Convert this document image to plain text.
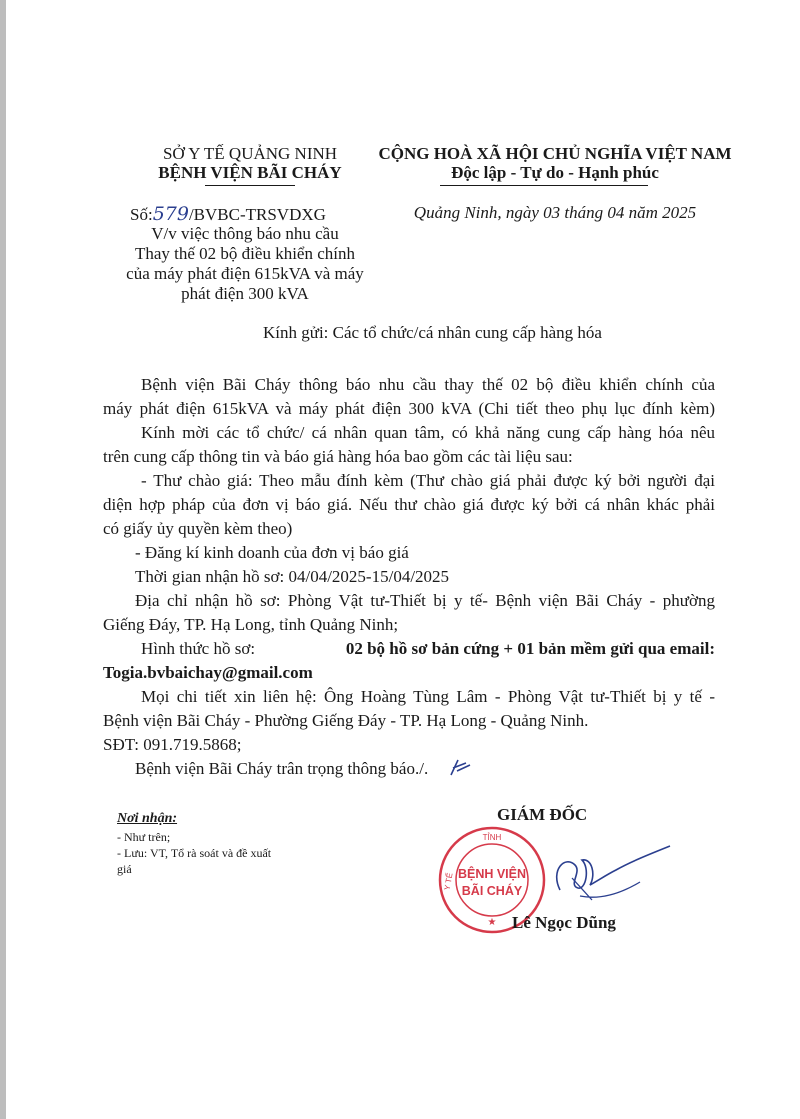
SỞ Y TẾ QUẢNG NINH
BỆNH VIỆN BÃI CHÁY
Số:579/BVBC-TRSVDXG
V/v việc thông báo nhu cầu
Thay thế 02 bộ điều khiển chính
của máy phát điện 615kVA và máy
phát điện 300 kVA
CỘNG HOÀ XÃ HỘI CHỦ NGHĨA VIỆT NAM
Độc lập - Tự do - Hạnh phúc
Quảng Ninh, ngày 03 tháng 04 năm 2025
Kính gửi: Các tổ chức/cá nhân cung cấp hàng hóa
Bệnh viện Bãi Cháy thông báo nhu cầu thay thế 02 bộ điều khiển chính của
máy phát điện 615kVA và máy phát điện 300 kVA (Chi tiết theo phụ lục đính kèm)
Kính mời các tổ chức/ cá nhân quan tâm, có khả năng cung cấp hàng hóa nêu
trên cung cấp thông tin và báo giá hàng hóa bao gồm các tài liệu sau:
- Thư chào giá: Theo mẫu đính kèm (Thư chào giá phải được ký bởi người đại
diện hợp pháp của đơn vị báo giá. Nếu thư chào giá được ký bởi cá nhân khác phải
có giấy ủy quyền kèm theo)
- Đăng kí kinh doanh của đơn vị báo giá
Thời gian nhận hồ sơ: 04/04/2025-15/04/2025
Địa chỉ nhận hồ sơ: Phòng Vật tư-Thiết bị y tế- Bệnh viện Bãi Cháy - phường
Giếng Đáy, TP. Hạ Long, tỉnh Quảng Ninh;
Hình thức hồ sơ:	02 bộ hồ sơ bản cứng + 01 bản mềm gửi qua email:
Togia.bvbaichay@gmail.com
Mọi chi tiết xin liên hệ: Ông Hoàng Tùng Lâm - Phòng Vật tư-Thiết bị y tế -
Bệnh viện Bãi Cháy - Phường Giếng Đáy - TP. Hạ Long - Quảng Ninh.
SĐT: 091.719.5868;
Bệnh viện Bãi Cháy trân trọng thông báo./.
Nơi nhận:
- Như trên;
- Lưu: VT, Tổ rà soát và đề xuất
giá
GIÁM ĐỐC
TỈNH
Y TẾ BỆNH VIỆN
BÃI CHÁY
★ Lê Ngọc Dũng
